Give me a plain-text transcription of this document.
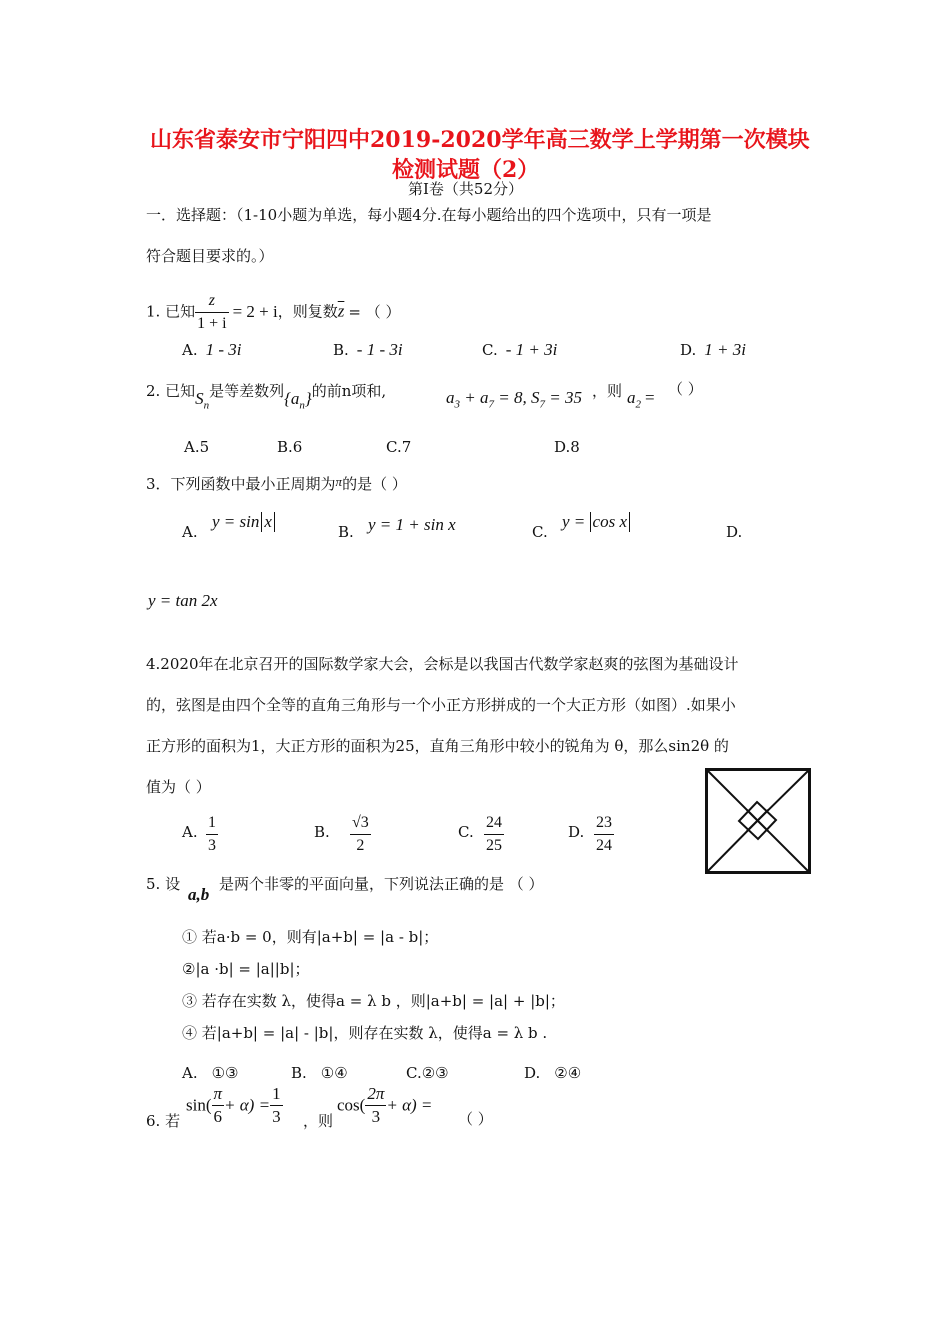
山东省泰安市宁阳四中2019-2020学年高三数学上学期第一次模块
检测试题（2）
第Ⅰ卷（共52分）
一．选择题：（1-10小题为单选，每小题4分.在每小题给出的四个选项中，只有一项是
符合题目要求的。）
1. 已知 $\frac{z}{1 + i} = 2 + i$，则复数$\overline{z}$ = （ ）
A. 1 - 3i	B. - 1 - 3i	C. - 1 + 3i	D. 1 + 3i
2. 已知$S_n$是等差数列$\{a_n\}$的前n项和,	$a_3 + a_7 = 8$, $S_7 = 35$ ，则 $a_2$ = （ ）
A.5	B.6	C.7	D.8
3．下列函数中最小正周期为π的是（ ）
A.
y = sin x
B. y = 1 + sin x	C.
y = cos x
D.
y = tan 2x
4.2020年在北京召开的国际数学家大会，会标是以我国古代数学家赵爽的弦图为基础设计
的，弦图是由四个全等的直角三角形与一个小正方形拼成的一个大正方形（如图）.如果小
正方形的面积为1，大正方形的面积为25，直角三角形中较小的锐角为 θ，那么sin2θ 的
值为（ ）
A. $\frac{1}{3}$	B. $\frac{√3}{2}$	C. $\frac{24}{25}$	D. $\frac{23}{24}$
5. 设
a,b
是两个非零的平面向量，下列说法正确的是 （ ）
① 若a·b = 0，则有|a+b| = |a - b|；
②|a ·b| = |a||b|；
③ 若存在实数 λ，使得a = λ b ，则|a+b| = |a| + |b|；
④ 若|a+b| = |a| - |b|，则存在实数 λ，使得a = λ b .
A. ①③	B. ①④	C.②③	D. ②④
6. 若
$\sin( \frac{\pi}{6} + \alpha) = \frac{1}{3}$ ，则
$\cos( \frac{2\pi}{3} + \alpha)$ =
（ ）
